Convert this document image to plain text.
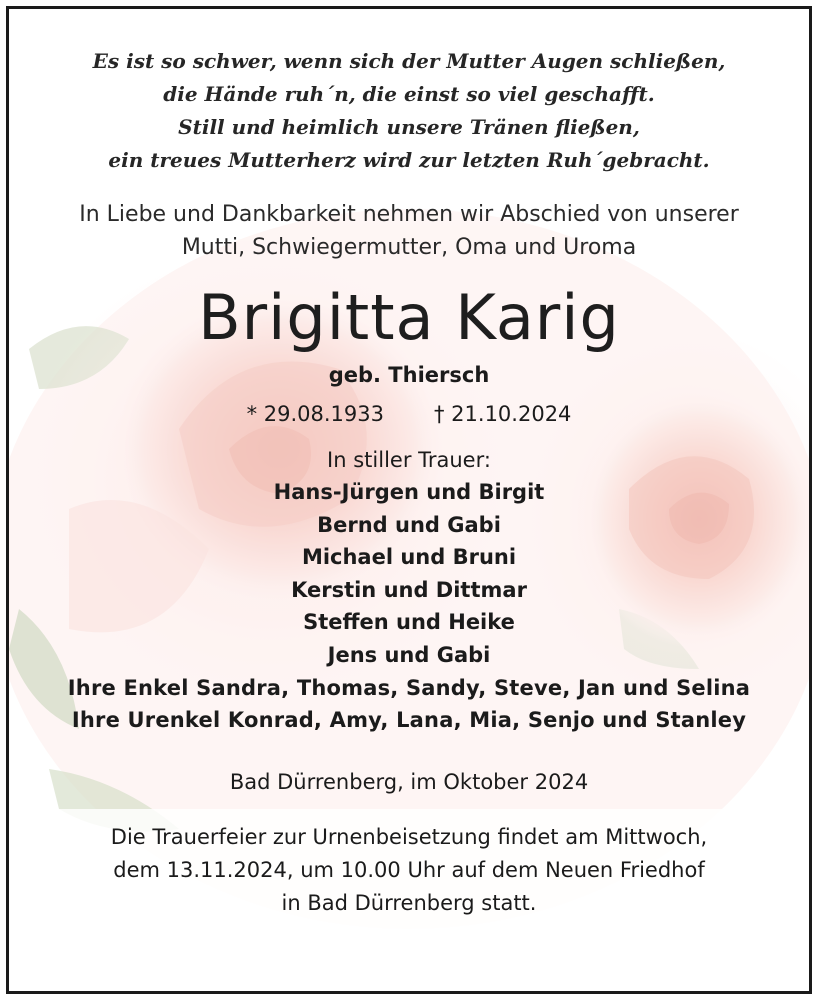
Es ist so schwer, wenn sich der Mutter Augen schließen,
die Hände ruh´n, die einst so viel geschafft.
Still und heimlich unsere Tränen fließen,
ein treues Mutterherz wird zur letzten Ruh´gebracht.
In Liebe und Dankbarkeit nehmen wir Abschied von unserer
Mutti, Schwiegermutter, Oma und Uroma
Brigitta Karig
geb. Thiersch
* 29.08.1933 † 21.10.2024
In stiller Trauer:
Hans-Jürgen und Birgit
Bernd und Gabi
Michael und Bruni
Kerstin und Dittmar
Steffen und Heike
Jens und Gabi
Ihre Enkel Sandra, Thomas, Sandy, Steve, Jan und Selina
Ihre Urenkel Konrad, Amy, Lana, Mia, Senjo und Stanley
Bad Dürrenberg, im Oktober 2024
Die Trauerfeier zur Urnenbeisetzung findet am Mittwoch,
dem 13.11.2024, um 10.00 Uhr auf dem Neuen Friedhof
in Bad Dürrenberg statt.
